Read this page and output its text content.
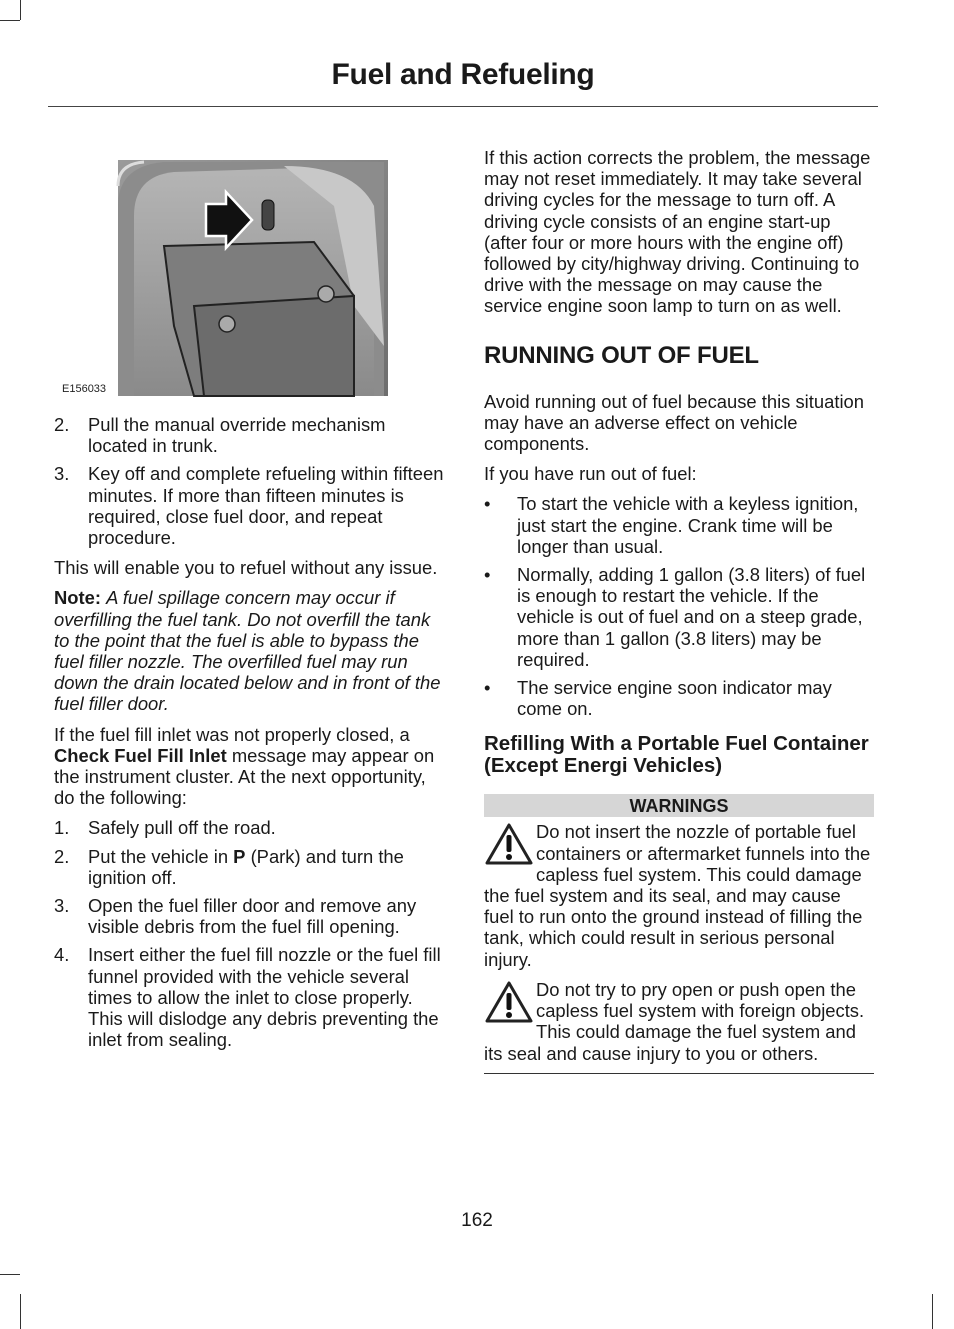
Fuel and Refueling
E156033
2. Pull the manual override mechanism located in trunk.
3. Key off and complete refueling within fifteen minutes. If more than fifteen minutes is required, close fuel door, and repeat procedure.

This will enable you to refuel without any issue.

Note: A fuel spillage concern may occur if overfilling the fuel tank. Do not overfill the tank to the point that the fuel is able to bypass the fuel filler nozzle. The overfilled fuel may run down the drain located below and in front of the fuel filler door.

If the fuel fill inlet was not properly closed, a Check Fuel Fill Inlet message may appear on the instrument cluster. At the next opportunity, do the following:

1. Safely pull off the road.
2. Put the vehicle in P (Park) and turn the ignition off.
3. Open the fuel filler door and remove any visible debris from the fuel fill opening.
4. Insert either the fuel fill nozzle or the fuel fill funnel provided with the vehicle several times to allow the inlet to close properly. This will dislodge any debris preventing the inlet from sealing.

If this action corrects the problem, the message may not reset immediately. It may take several driving cycles for the message to turn off. A driving cycle consists of an engine start-up (after four or more hours with the engine off) followed by city/highway driving. Continuing to drive with the message on may cause the service engine soon lamp to turn on as well.

RUNNING OUT OF FUEL

Avoid running out of fuel because this situation may have an adverse effect on vehicle components.

If you have run out of fuel:

• To start the vehicle with a keyless ignition, just start the engine. Crank time will be longer than usual.
• Normally, adding 1 gallon (3.8 liters) of fuel is enough to restart the vehicle. If the vehicle is out of fuel and on a steep grade, more than 1 gallon (3.8 liters) may be required.
• The service engine soon indicator may come on.
Refilling With a Portable Fuel Container (Except Energi Vehicles)
WARNINGS
Do not insert the nozzle of portable fuel containers or aftermarket funnels into the capless fuel system. This could damage the fuel system and its seal, and may cause fuel to run onto the ground instead of filling the tank, which could result in serious personal injury.
Do not try to pry open or push open the capless fuel system with foreign objects. This could damage the fuel system and its seal and cause injury to you or others.
162
